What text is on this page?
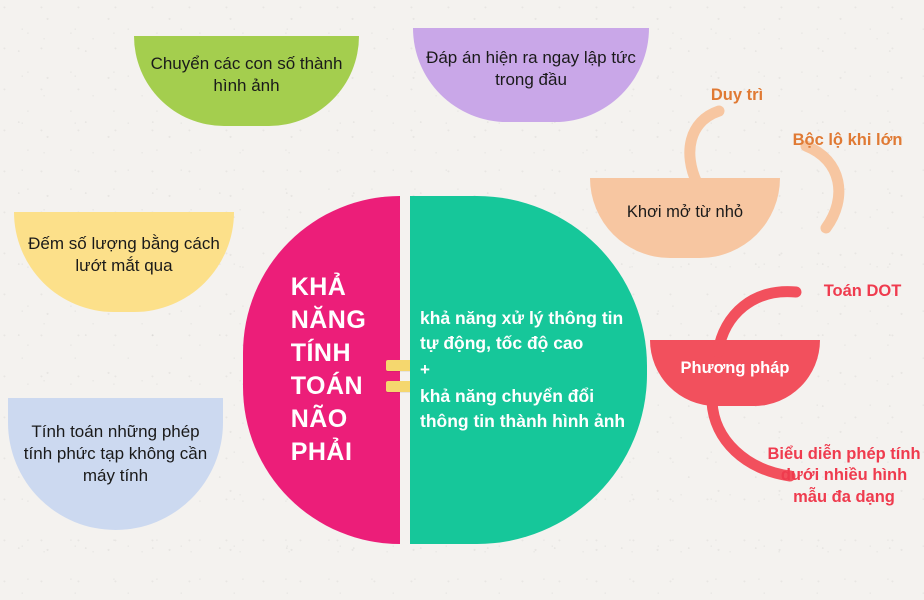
KHẢ
NĂNG
TÍNH
TOÁN
NÃO
PHẢI
khả năng xử lý thông tin tự động, tốc độ cao
+
khả năng chuyển đổi thông tin thành hình ảnh
Chuyển các con số thành hình ảnh
Đáp án hiện ra ngay lập tức trong đầu
Đếm số lượng bằng cách lướt mắt qua
Tính toán những phép tính phức tạp không cần máy tính
Khơi mở từ nhỏ
Phương pháp
Duy trì
Bộc lộ khi lớn
Toán DOT
Biểu diễn phép tính dưới nhiều hình mẫu đa dạng
